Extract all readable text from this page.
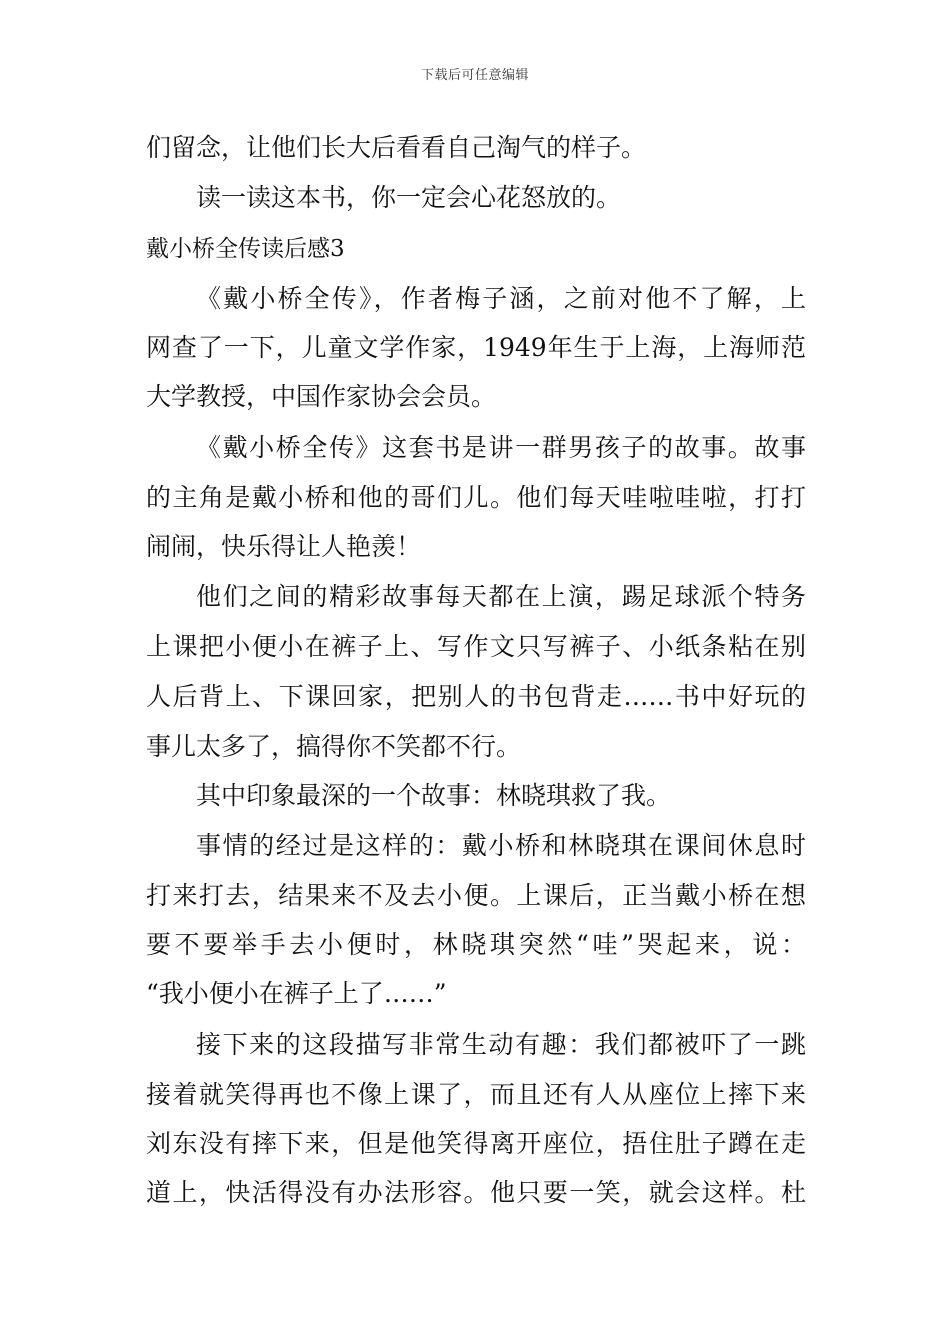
下载后可任意编辑
们留念，让他们长大后看看自己淘气的样子。
读一读这本书，你一定会心花怒放的。
戴小桥全传读后感3
《戴小桥全传》，作者梅子涵，之前对他不了解，上
网查了一下，儿童文学作家，1949年生于上海，上海师范
大学教授，中国作家协会会员。
《戴小桥全传》这套书是讲一群男孩子的故事。故事
的主角是戴小桥和他的哥们儿。他们每天哇啦哇啦，打打
闹闹，快乐得让人艳羡！
他们之间的精彩故事每天都在上演，踢足球派个特务
上课把小便小在裤子上、写作文只写裤子、小纸条粘在别
人后背上、下课回家，把别人的书包背走……书中好玩的
事儿太多了，搞得你不笑都不行。
其中印象最深的一个故事：林晓琪救了我。
事情的经过是这样的：戴小桥和林晓琪在课间休息时
打来打去，结果来不及去小便。上课后，正当戴小桥在想
要不要举手去小便时，林晓琪突然“哇”哭起来，说：
“我小便小在裤子上了……”
接下来的这段描写非常生动有趣：我们都被吓了一跳
接着就笑得再也不像上课了，而且还有人从座位上摔下来
刘东没有摔下来，但是他笑得离开座位，捂住肚子蹲在走
道上，快活得没有办法形容。他只要一笑，就会这样。杜
